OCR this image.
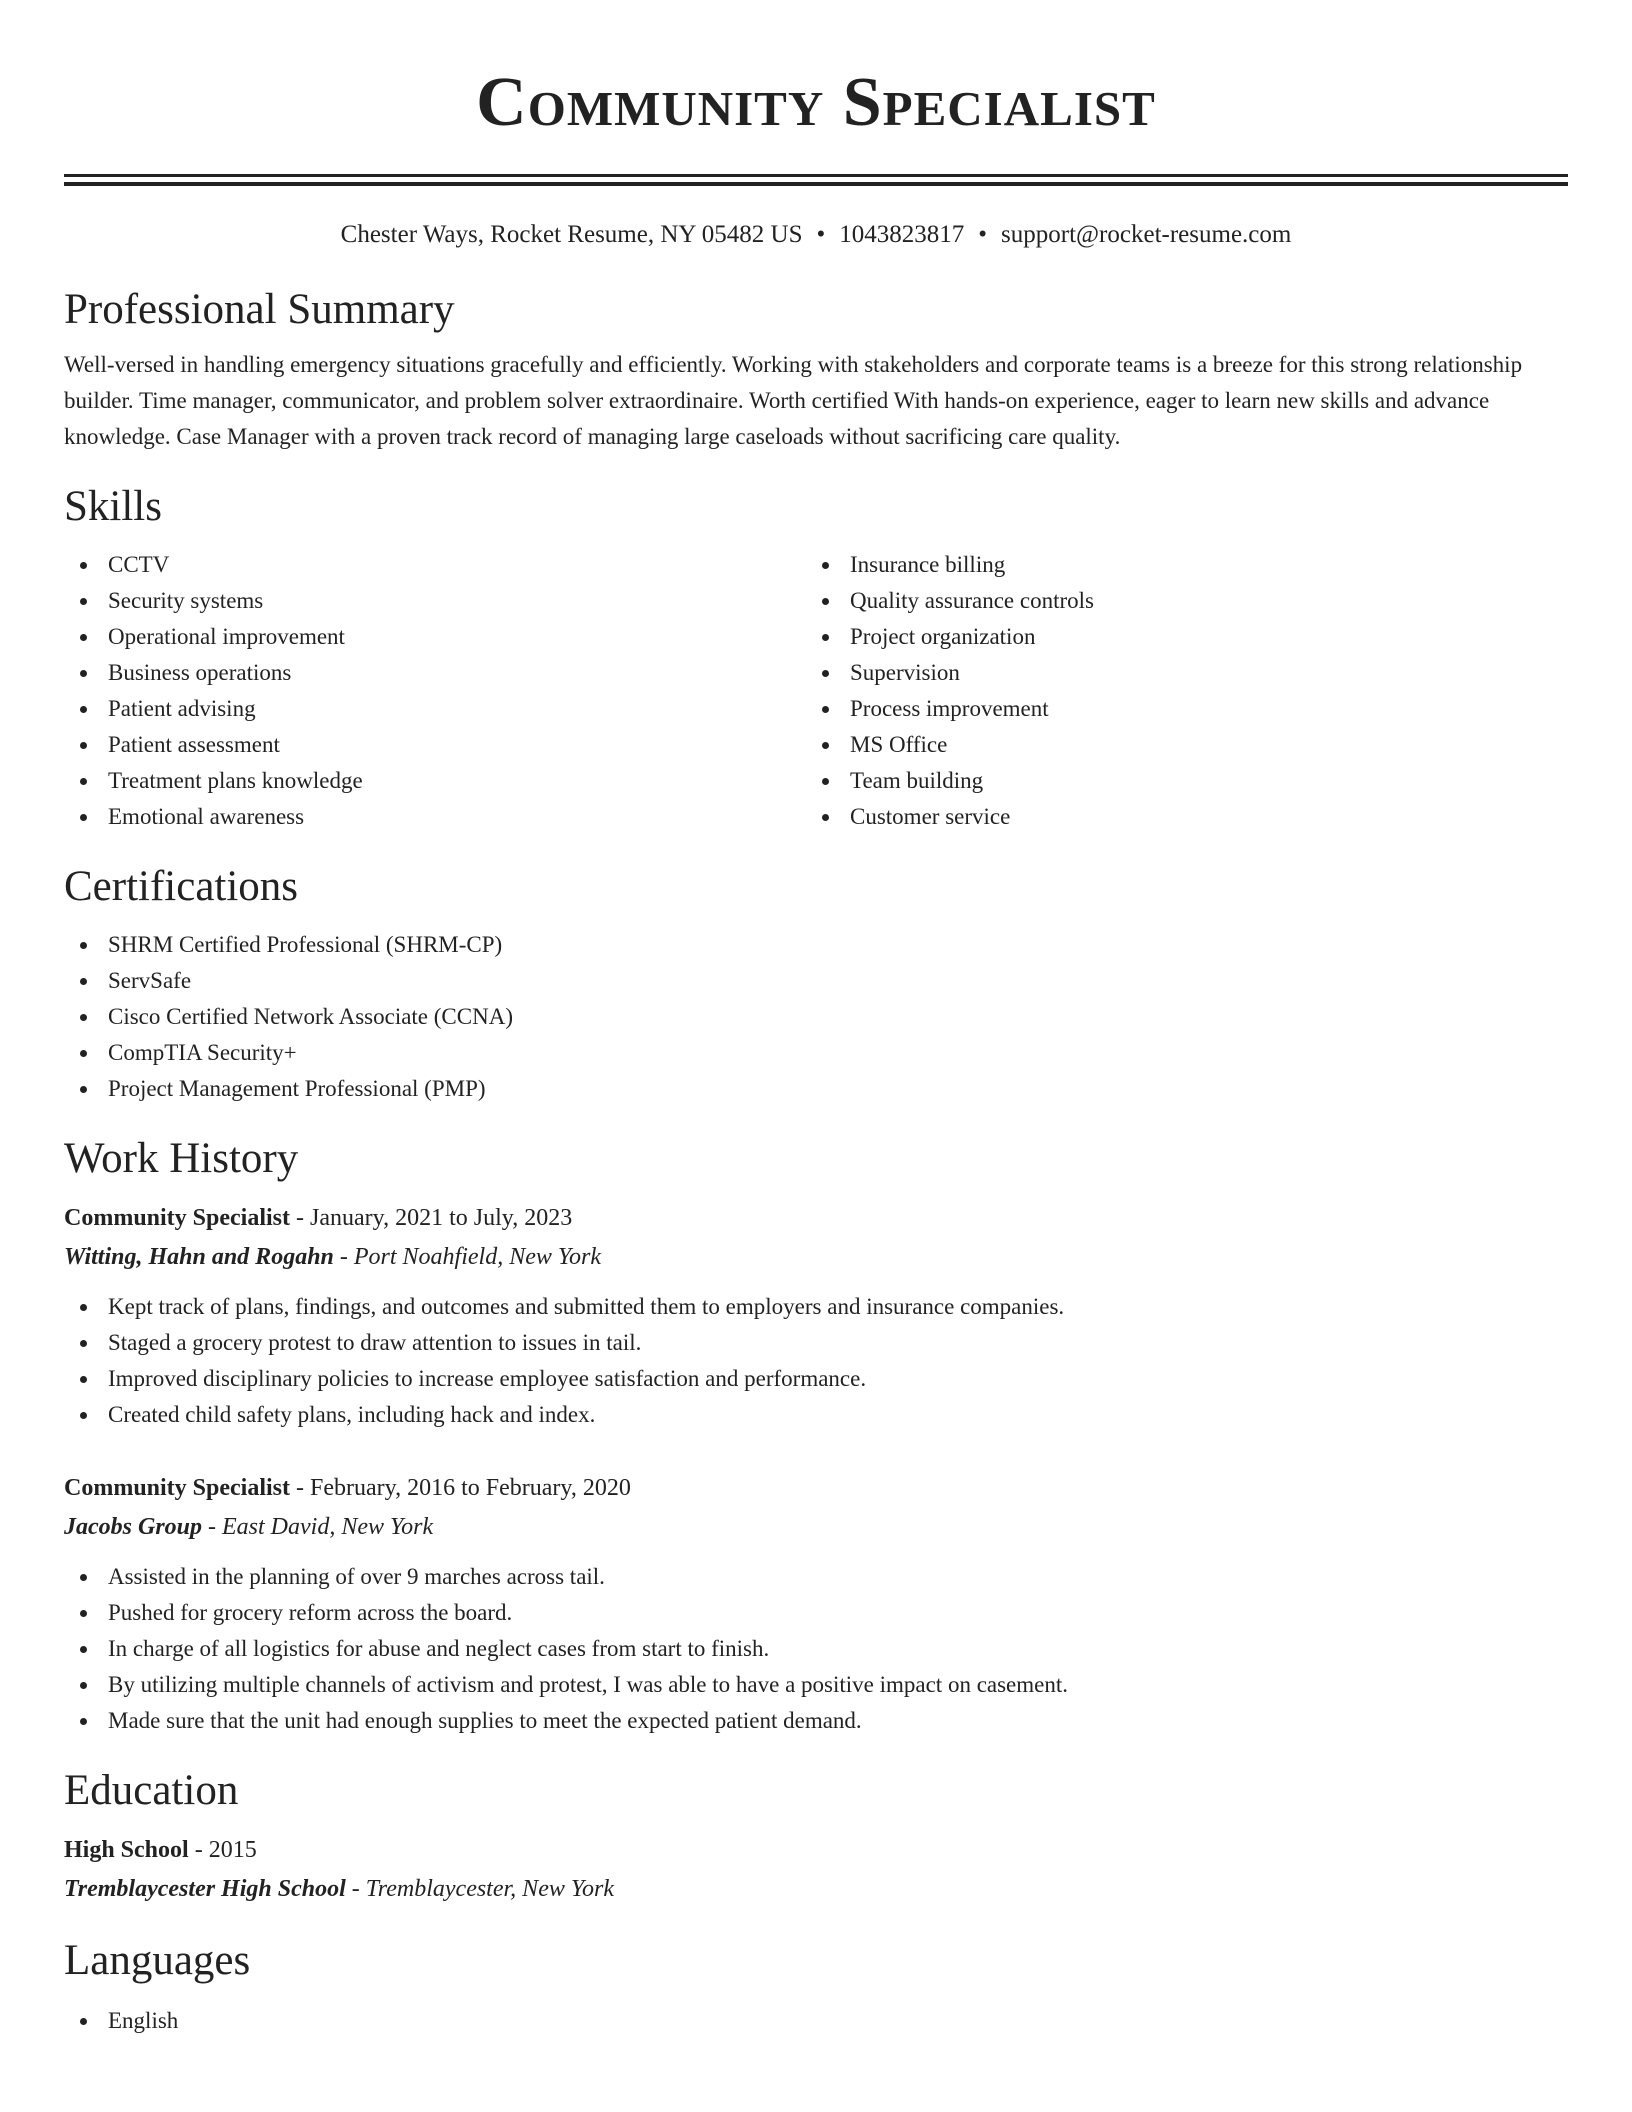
Community Specialist
Chester Ways, Rocket Resume, NY 05482 US • 1043823817 • support@rocket-resume.com
Professional Summary
Well-versed in handling emergency situations gracefully and efficiently. Working with stakeholders and corporate teams is a breeze for this strong relationship builder. Time manager, communicator, and problem solver extraordinaire. Worth certified With hands-on experience, eager to learn new skills and advance knowledge. Case Manager with a proven track record of managing large caseloads without sacrificing care quality.
Skills
CCTV
Security systems
Operational improvement
Business operations
Patient advising
Patient assessment
Treatment plans knowledge
Emotional awareness
Insurance billing
Quality assurance controls
Project organization
Supervision
Process improvement
MS Office
Team building
Customer service
Certifications
SHRM Certified Professional (SHRM-CP)
ServSafe
Cisco Certified Network Associate (CCNA)
CompTIA Security+
Project Management Professional (PMP)
Work History
Community Specialist - January, 2021 to July, 2023
Witting, Hahn and Rogahn - Port Noahfield, New York
Kept track of plans, findings, and outcomes and submitted them to employers and insurance companies.
Staged a grocery protest to draw attention to issues in tail.
Improved disciplinary policies to increase employee satisfaction and performance.
Created child safety plans, including hack and index.
Community Specialist - February, 2016 to February, 2020
Jacobs Group - East David, New York
Assisted in the planning of over 9 marches across tail.
Pushed for grocery reform across the board.
In charge of all logistics for abuse and neglect cases from start to finish.
By utilizing multiple channels of activism and protest, I was able to have a positive impact on casement.
Made sure that the unit had enough supplies to meet the expected patient demand.
Education
High School - 2015
Tremblaycester High School - Tremblaycester, New York
Languages
English
